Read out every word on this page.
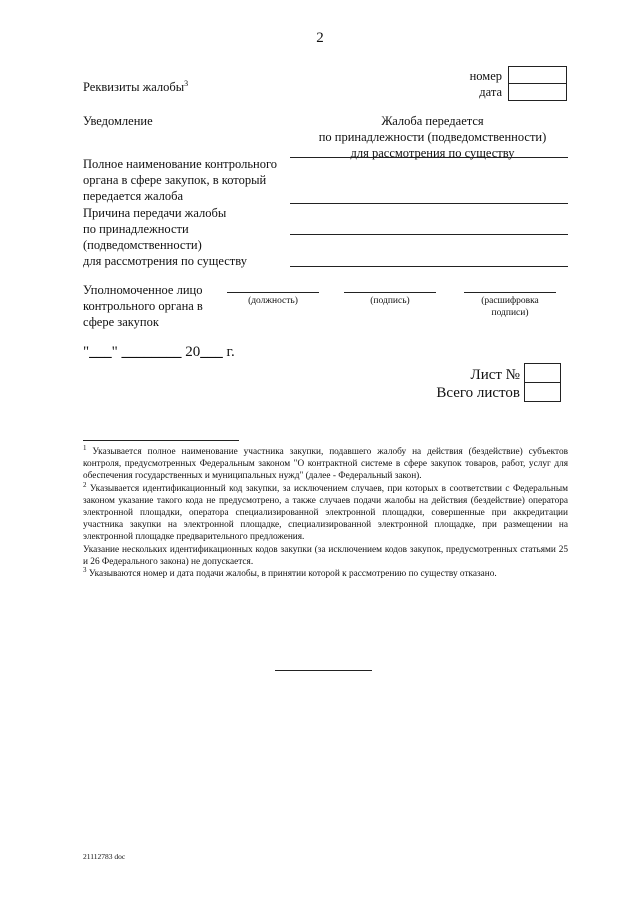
2
Реквизиты жалобы$^3$
номер
дата
Уведомление	Жалоба передается
по принадлежности (подведомственности)
для рассмотрения по существу
Полное наименование контрольного
органа в сфере закупок, в который
передается жалоба
Причина передачи жалобы
по принадлежности
(подведомственности)
для рассмотрения по существу
Уполномоченное лицо
контрольного органа в
сфере закупок
(должность)	(подпись)	(расшифровка
подписи)
"___" ________ 20___ г.
Лист №
Всего листов

$^1$ Указывается полное наименование участника закупки, подавшего жалобу на действия (бездействие) субъектов контроля, предусмотренных Федеральным законом "О контрактной системе в сфере закупок товаров, работ, услуг для обеспечения государственных и муниципальных нужд" (далее - Федеральный закон).

$^2$ Указывается идентификационный код закупки, за исключением случаев, при которых в соответствии с Федеральным законом указание такого кода не предусмотрено, а также случаев подачи жалобы на действия (бездействие) оператора электронной площадки, оператора специализированной электронной площадки, совершенные при аккредитации участника закупки на электронной площадке, специализированной электронной площадке, при размещении на электронной площадке предварительного предложения.

Указание нескольких идентификационных кодов закупки (за исключением кодов закупок, предусмотренных статьями 25 и 26 Федерального закона) не допускается.

$^3$ Указываются номер и дата подачи жалобы, в принятии которой к рассмотрению по существу отказано.

21112783 doc
